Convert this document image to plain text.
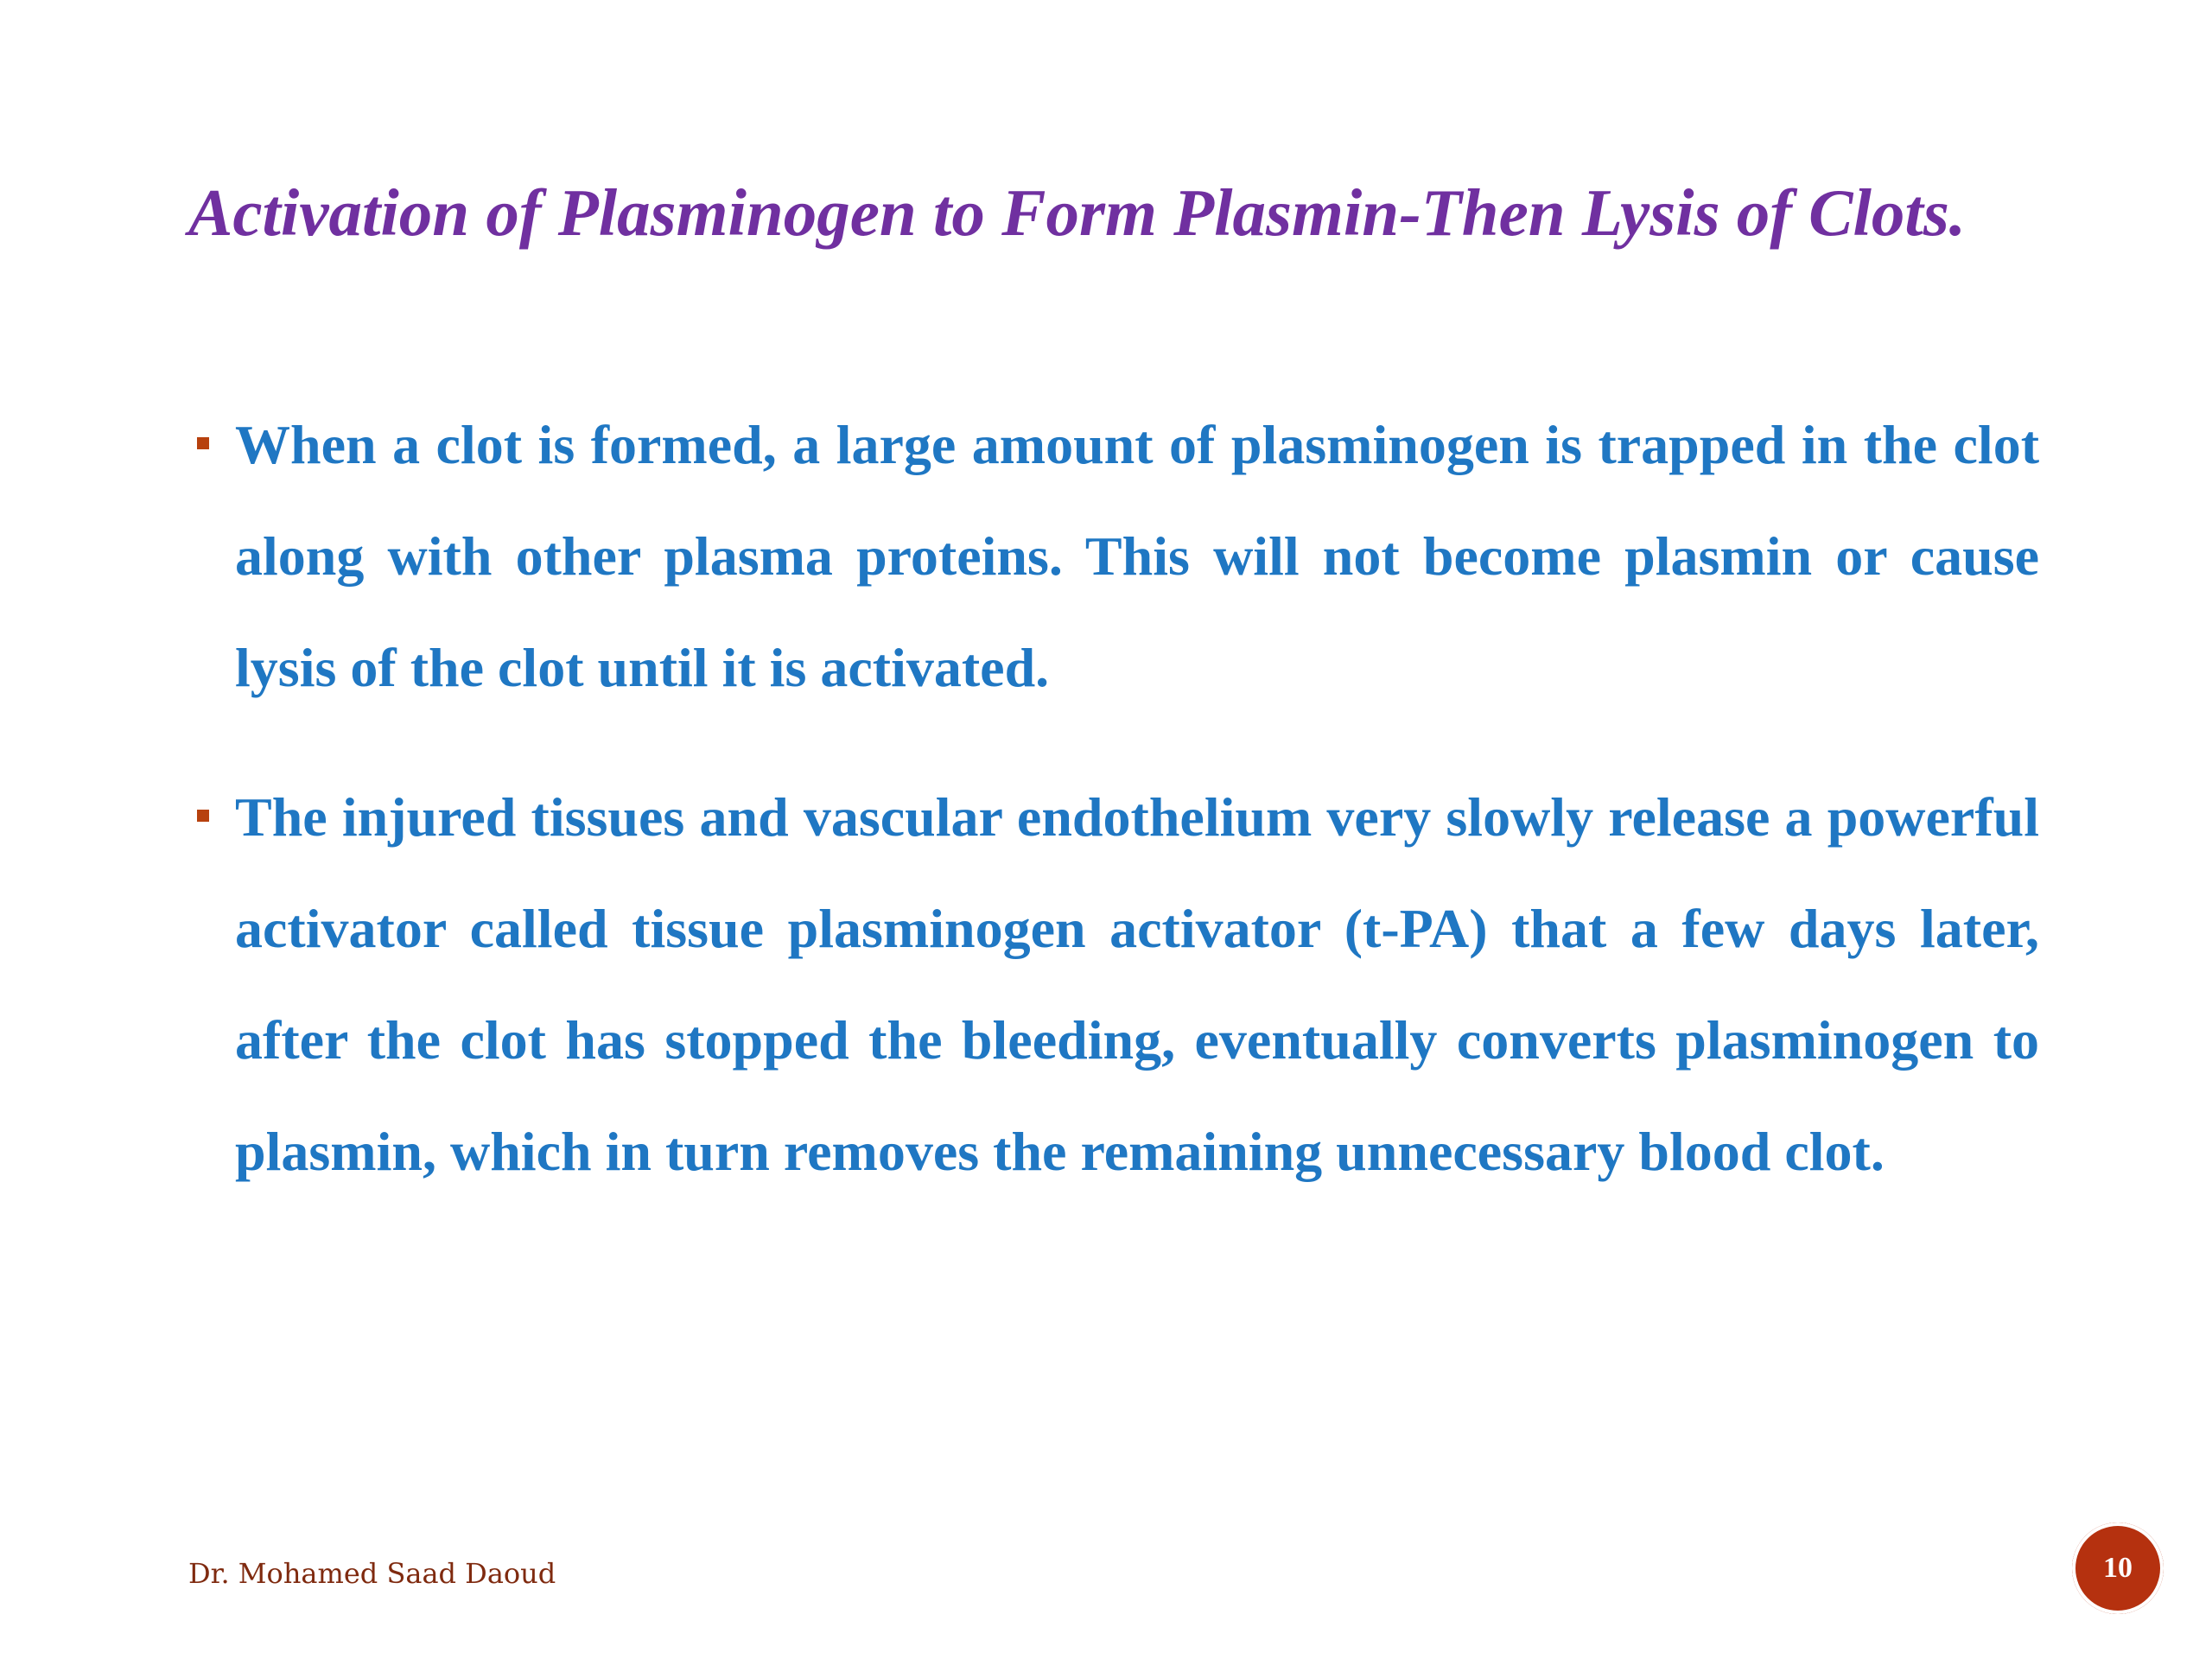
Activation of Plasminogen to Form Plasmin-Then Lysis of Clots.
When a clot is formed, a large amount of plasminogen is trapped in the clot along with other plasma proteins. This will not become plasmin or cause lysis of the clot until it is activated.
The injured tissues and vascular endothelium very slowly release a powerful activator called tissue plasminogen activator (t-PA) that a few days later, after the clot has stopped the bleeding, eventually converts plasminogen to plasmin, which in turn removes the remaining unnecessary blood clot.
Dr. Mohamed Saad Daoud	10
